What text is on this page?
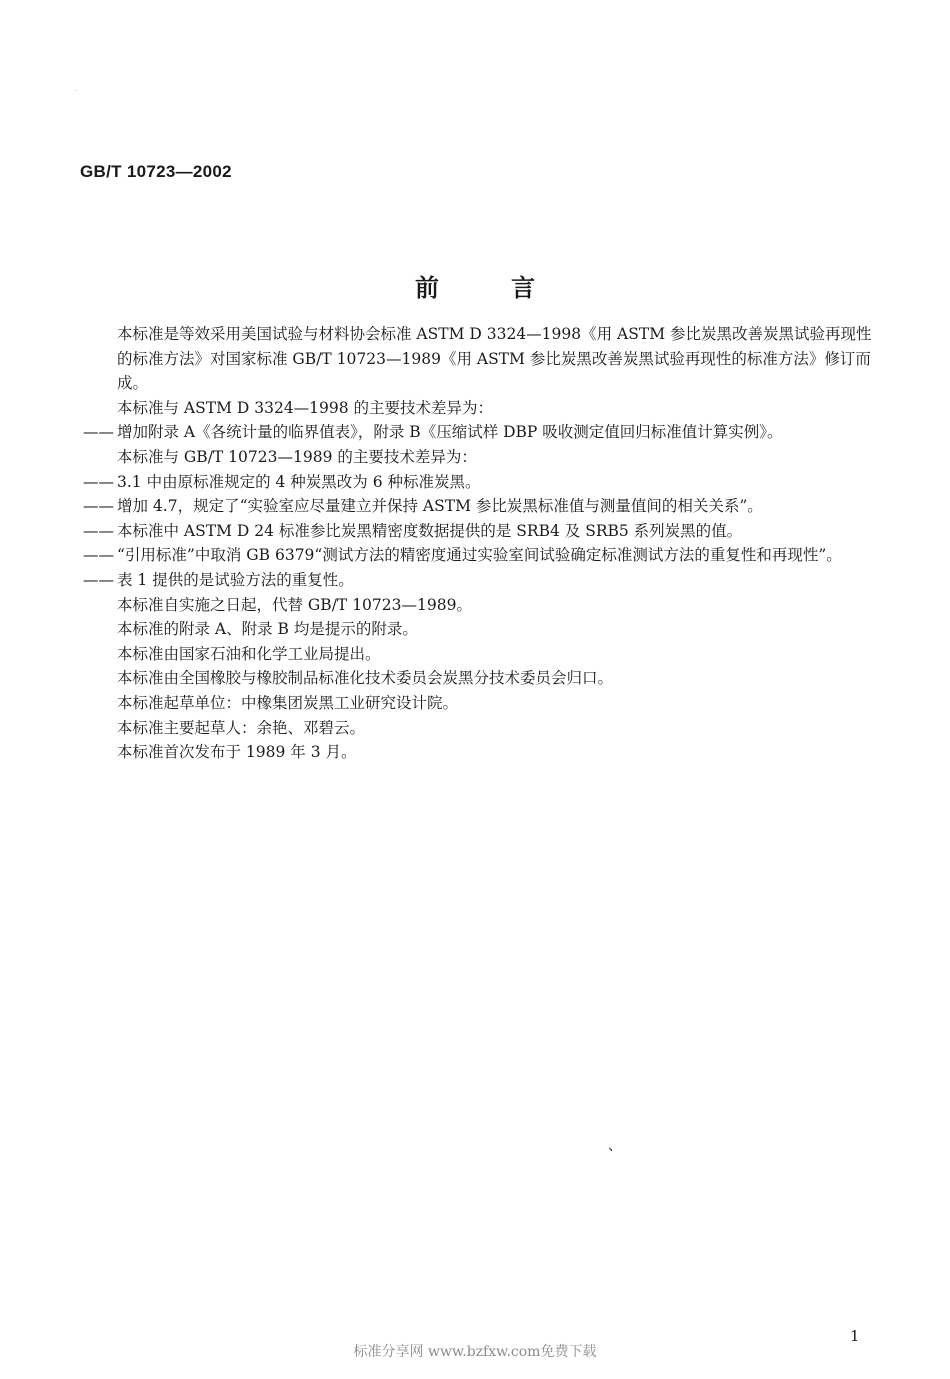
·
GB/T 10723—2002
前言

本标准是等效采用美国试验与材料协会标准 ASTM D 3324—1998《用 ASTM 参比炭黑改善炭黑试验再现性的标准方法》对国家标准 GB/T 10723—1989《用 ASTM 参比炭黑改善炭黑试验再现性的标准方法》修订而成。

本标准与 ASTM D 3324—1998 的主要技术差异为：

—— 增加附录 A《各统计量的临界值表》，附录 B《压缩试样 DBP 吸收测定值回归标准值计算实例》。

本标准与 GB/T 10723—1989 的主要技术差异为：

—— 3.1 中由原标准规定的 4 种炭黑改为 6 种标准炭黑。
—— 增加 4.7，规定了“实验室应尽量建立并保持 ASTM 参比炭黑标准值与测量值间的相关关系”。
—— 本标准中 ASTM D 24 标准参比炭黑精密度数据提供的是 SRB4 及 SRB5 系列炭黑的值。
—— “引用标准”中取消 GB 6379“测试方法的精密度通过实验室间试验确定标准测试方法的重复性和再现性”。
—— 表 1 提供的是试验方法的重复性。

本标准自实施之日起，代替 GB/T 10723—1989。

本标准的附录 A、附录 B 均是提示的附录。

本标准由国家石油和化学工业局提出。

本标准由全国橡胶与橡胶制品标准化技术委员会炭黑分技术委员会归口。

本标准起草单位：中橡集团炭黑工业研究设计院。

本标准主要起草人：余艳、邓碧云。

本标准首次发布于 1989 年 3 月。

、
1
标准分享网 www.bzfxw.com免费下载
